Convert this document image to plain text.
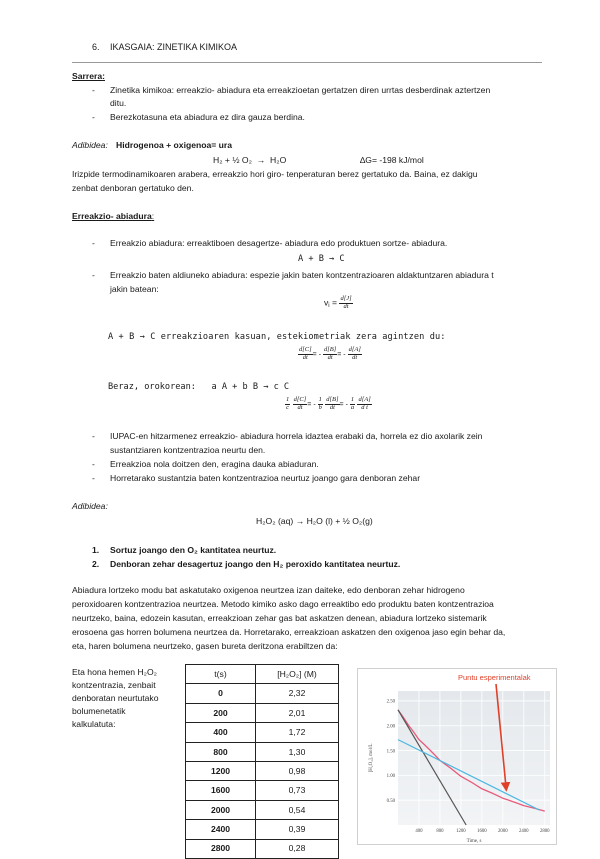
6. IKASGAIA: ZINETIKA KIMIKOA
Sarrera:
- Zinetika kimikoa: erreakzio- abiadura eta erreakzioetan gertatzen diren urrtas desberdinak aztertzen
ditu.
- Berezkotasuna eta abiadura ez dira gauza berdina.
Adibidea: Hidrogenoa + oxigenoa= ura
H₂ + ½ O₂  →  H₂O	∆G= -198 kJ/mol
Irizpide termodinamikoaren arabera, erreakzio hori giro- tenperaturan berez gertatuko da. Baina, ez dakigu
zenbat denboran gertatuko den.
Erreakzio- abiadura:
- Erreakzio abiadura: erreaktiboen desagertze- abiadura edo produktuen sortze- abiadura.
A + B → C
- Erreakzio baten aldiuneko abiadura: espezie jakin baten kontzentrazioaren aldaktuntzaren abiadura t
jakin batean:
$v_i = \frac{d[J]}{dt}$
A + B → C erreakzioaren kasuan, estekiometriak zera agintzen du:
$\frac{d[C]}{dt}$ = - $\frac{d[B]}{dt}$ = - $\frac{d[A]}{dt}$
Beraz, orokorean:   a A + b B → c C
$\frac{1}{c}$
$\frac{d[C]}{dt}$ = - $\frac{1}{b}$
$\frac{d[B]}{dt}$ = - $\frac{1}{a}$
$\frac{d[A]}{\text{d t}}$
- IUPAC-en hitzarmenez erreakzio- abiadura horrela idaztea erabaki da, horrela ez dio axolarik zein
sustantziaren kontzentrazioa neurtu den.
- Erreakzioa nola doitzen den, eragina dauka abiaduran.
- Horretarako sustantzia baten kontzentrazioa neurtuz joango gara denboran zehar
Adibidea:
H₂O₂ (aq) → H₂O (l) + ½ O₂(g)
1. Sortuz joango den O₂ kantitatea neurtuz.
2. Denboran zehar desagertuz joango den H₂ peroxido kantitatea neurtuz.
Abiadura lortzeko modu bat askatutako oxigenoa neurtzea izan daiteke, edo denboran zehar hidrogeno
peroxidoaren kontzentrazioa neurtzea. Metodo kimiko asko dago erreaktibo edo produktu baten kontzentrazioa
neurtzeko, baina, edozein kasutan, erreakzioan zehar gas bat askatzen denean, abiadura lortzeko sistemarik
erosoena gas horren bolumena neurtzea da. Horretarako, erreakzioan askatzen den oxigenoa jaso egin behar da,
eta, haren bolumena neurtzeko, gasen bureta deritzona erabiltzen da:
Eta hona hemen H₂O₂
kontzentrazia, zenbait
denboratan neurtutako
bolumenetatik
kalkulatuta:
t(s)	[H₂O₂] (M)
0	2,32
200	2,01
400	1,72
800	1,30
1200	0,98
1600	0,73
2000	0,54
2400	0,39
2800	0,28
2.50
2.00
1.50
1.00
0.50
400	800	1200 1600 2000 2400 2800
Puntu esperimentalak
Time, s
[H₂O₂], mol/L
